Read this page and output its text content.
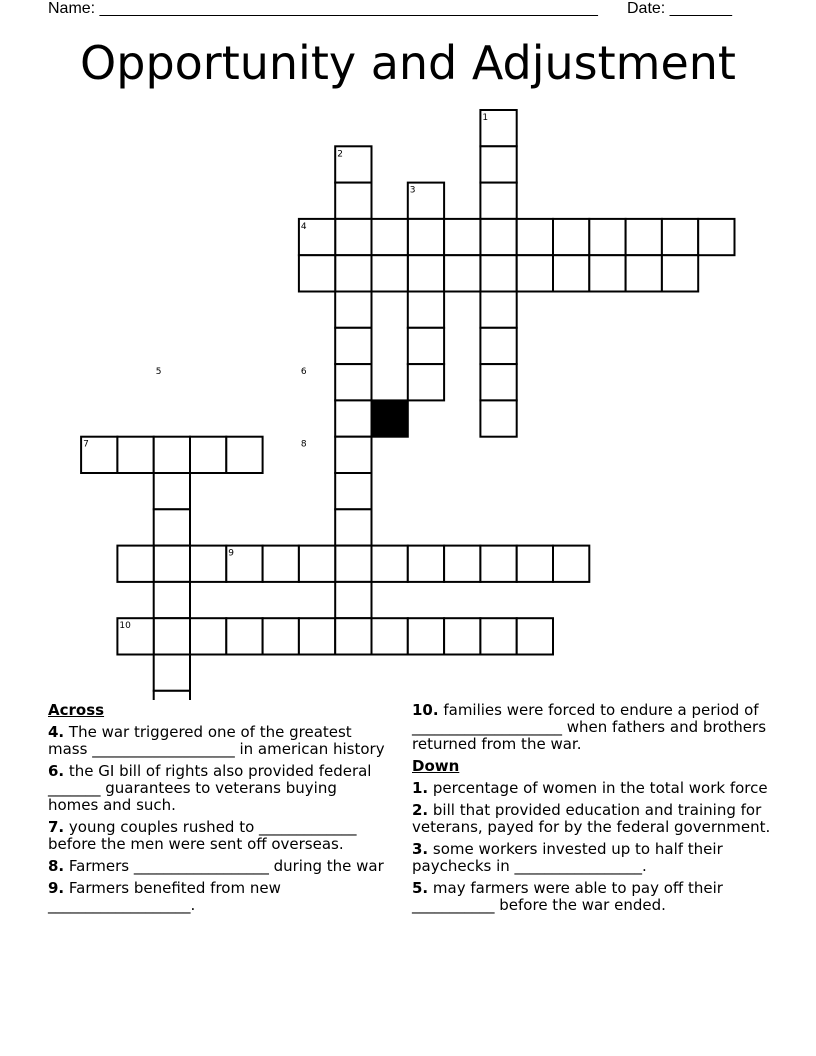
Name: ________________________________________________________ Date: _______
Opportunity and Adjustment
1
2
3
4
5	6
7	8
9
10
Across
4. The war triggered one of the greatest mass ___________________ in american history
6. the GI bill of rights also provided federal _______ guarantees to veterans buying homes and such.
7. young couples rushed to _____________ before the men were sent off overseas.
8. Farmers __________________ during the war
9. Farmers benefited from new ___________________.
10. families were forced to endure a period of ____________________ when fathers and brothers returned from the war.
Down
1. percentage of women in the total work force
2. bill that provided education and training for veterans, payed for by the federal government.
3. some workers invested up to half their paychecks in _________________.
5. may farmers were able to pay off their ___________ before the war ended.
